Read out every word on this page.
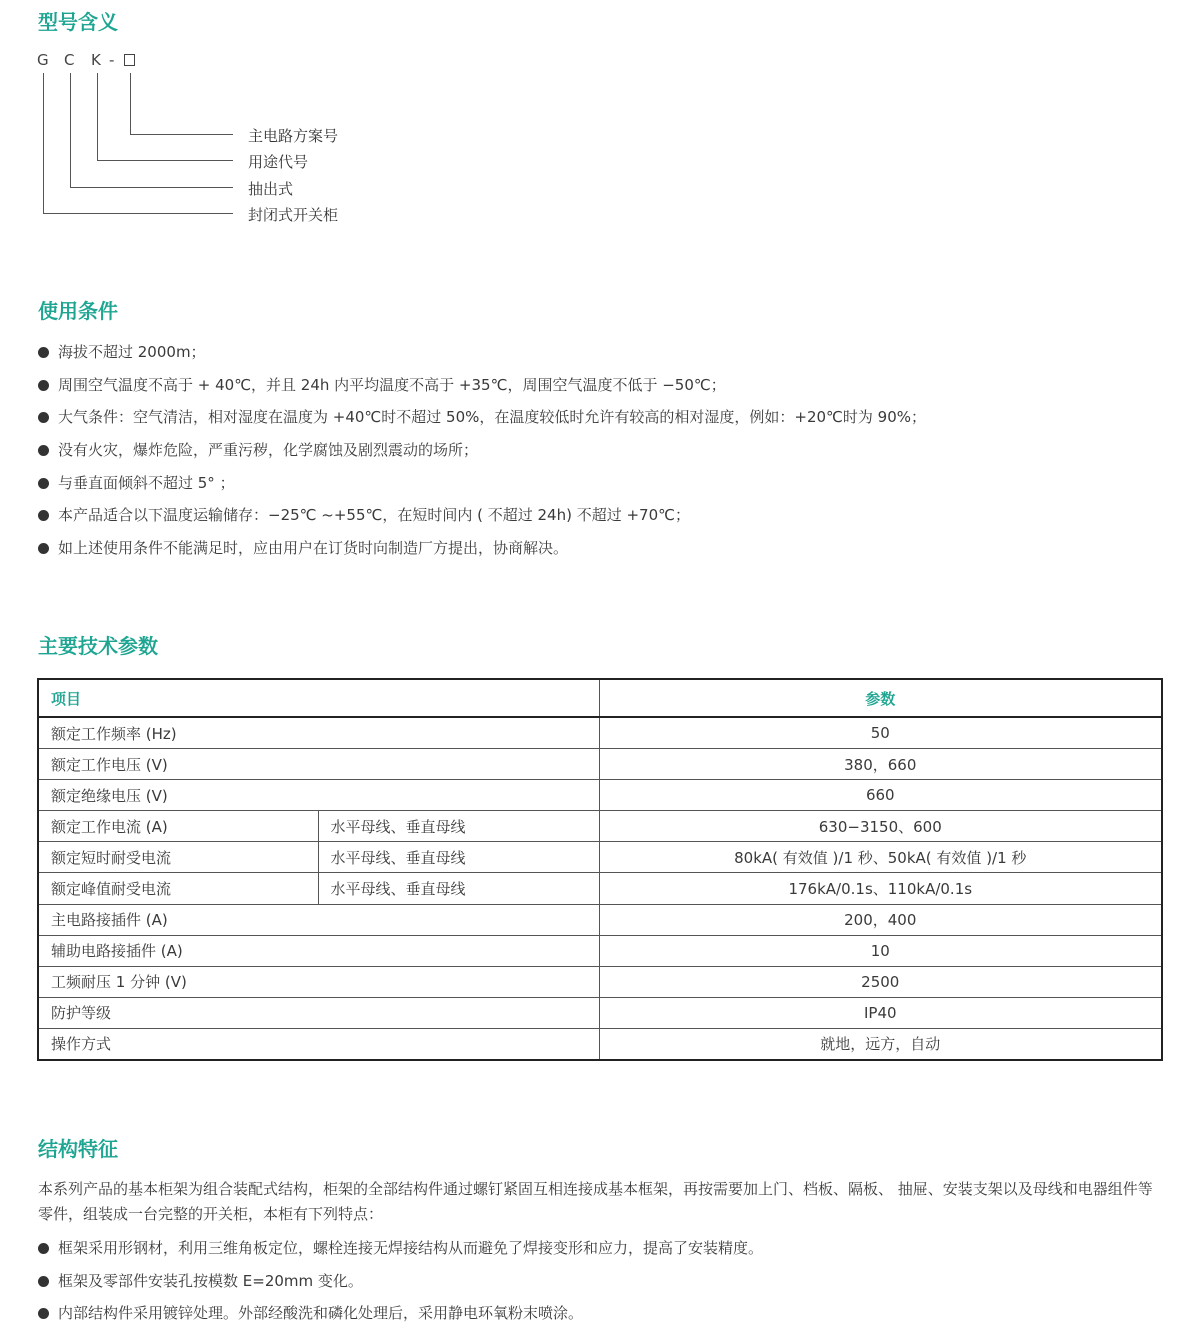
型号含义
G C K -
主电路方案号
用途代号
抽出式
封闭式开关柜
使用条件
海拔不超过 2000m；
周围空气温度不高于 + 40℃，并且 24h 内平均温度不高于 +35℃，周围空气温度不低于 −50℃；
大气条件：空气清洁，相对湿度在温度为 +40℃时不超过 50%，在温度较低时允许有较高的相对湿度，例如：+20℃时为 90%；
没有火灾，爆炸危险，严重污秽，化学腐蚀及剧烈震动的场所；
与垂直面倾斜不超过 5° ；
本产品适合以下温度运输储存：−25℃ ~+55℃，在短时间内 ( 不超过 24h) 不超过 +70℃；
如上述使用条件不能满足时，应由用户在订货时向制造厂方提出，协商解决。
主要技术参数
项目		参数
额定工作频率 (Hz)		50
额定工作电压 (V)		380，660
额定绝缘电压 (V)		660
额定工作电流 (A)	水平母线、垂直母线	630−3150、600
额定短时耐受电流	水平母线、垂直母线	80kA( 有效值 )/1 秒、50kA( 有效值 )/1 秒
额定峰值耐受电流	水平母线、垂直母线	176kA/0.1s、110kA/0.1s
主电路接插件 (A)		200，400
辅助电路接插件 (A)		10
工频耐压 1 分钟 (V)		2500
防护等级		IP40
操作方式		就地，远方，自动
结构特征

本系列产品的基本柜架为组合装配式结构，柜架的全部结构件通过螺钉紧固互相连接成基本框架，再按需要加上门、档板、隔板、 抽屉、安装支架以及母线和电器组件等零件，组装成一台完整的开关柜，本柜有下列特点：

框架采用形钢材，利用三维角板定位，螺栓连接无焊接结构从而避免了焊接变形和应力，提高了安装精度。
框架及零部件安装孔按模数 E=20mm 变化。
内部结构件采用镀锌处理。外部经酸洗和磷化处理后，采用静电环氧粉末喷涂。
